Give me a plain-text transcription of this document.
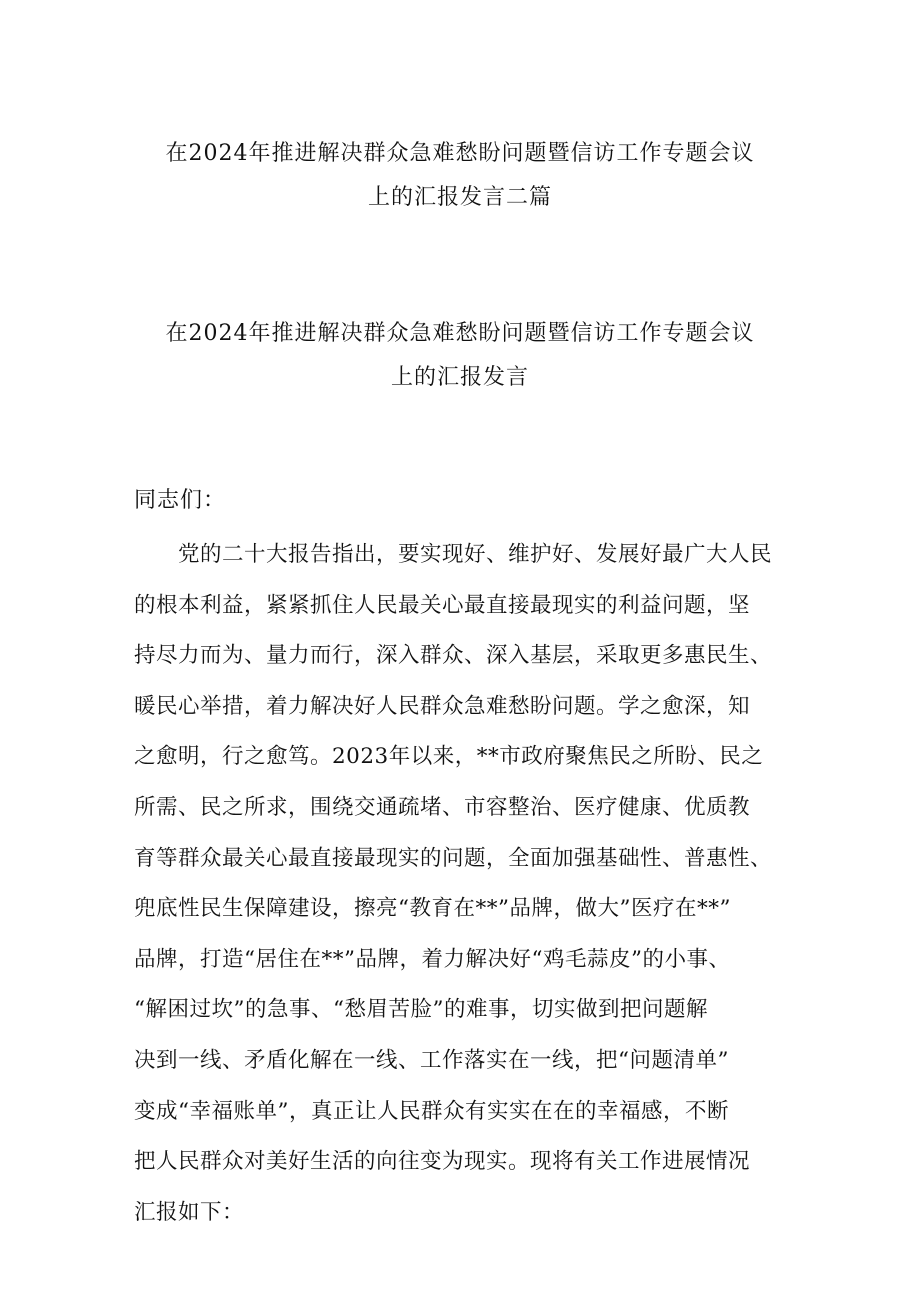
在2024年推进解决群众急难愁盼问题暨信访工作专题会议
上的汇报发言二篇
在2024年推进解决群众急难愁盼问题暨信访工作专题会议
上的汇报发言
同志们：
党的二十大报告指出，要实现好、维护好、发展好最广大人民
的根本利益，紧紧抓住人民最关心最直接最现实的利益问题，坚
持尽力而为、量力而行，深入群众、深入基层，采取更多惠民生、
暖民心举措，着力解决好人民群众急难愁盼问题。学之愈深，知
之愈明，行之愈笃。2023年以来，**市政府聚焦民之所盼、民之
所需、民之所求，围绕交通疏堵、市容整治、医疗健康、优质教
育等群众最关心最直接最现实的问题，全面加强基础性、普惠性、
兜底性民生保障建设，擦亮“教育在**”品牌，做大”医疗在**”
品牌，打造“居住在**”品牌，着力解决好“鸡毛蒜皮”的小事、
“解困过坎”的急事、“愁眉苦脸”的难事，切实做到把问题解
决到一线、矛盾化解在一线、工作落实在一线，把“问题清单”
变成“幸福账单”，真正让人民群众有实实在在的幸福感，不断
把人民群众对美好生活的向往变为现实。现将有关工作进展情况
汇报如下：
